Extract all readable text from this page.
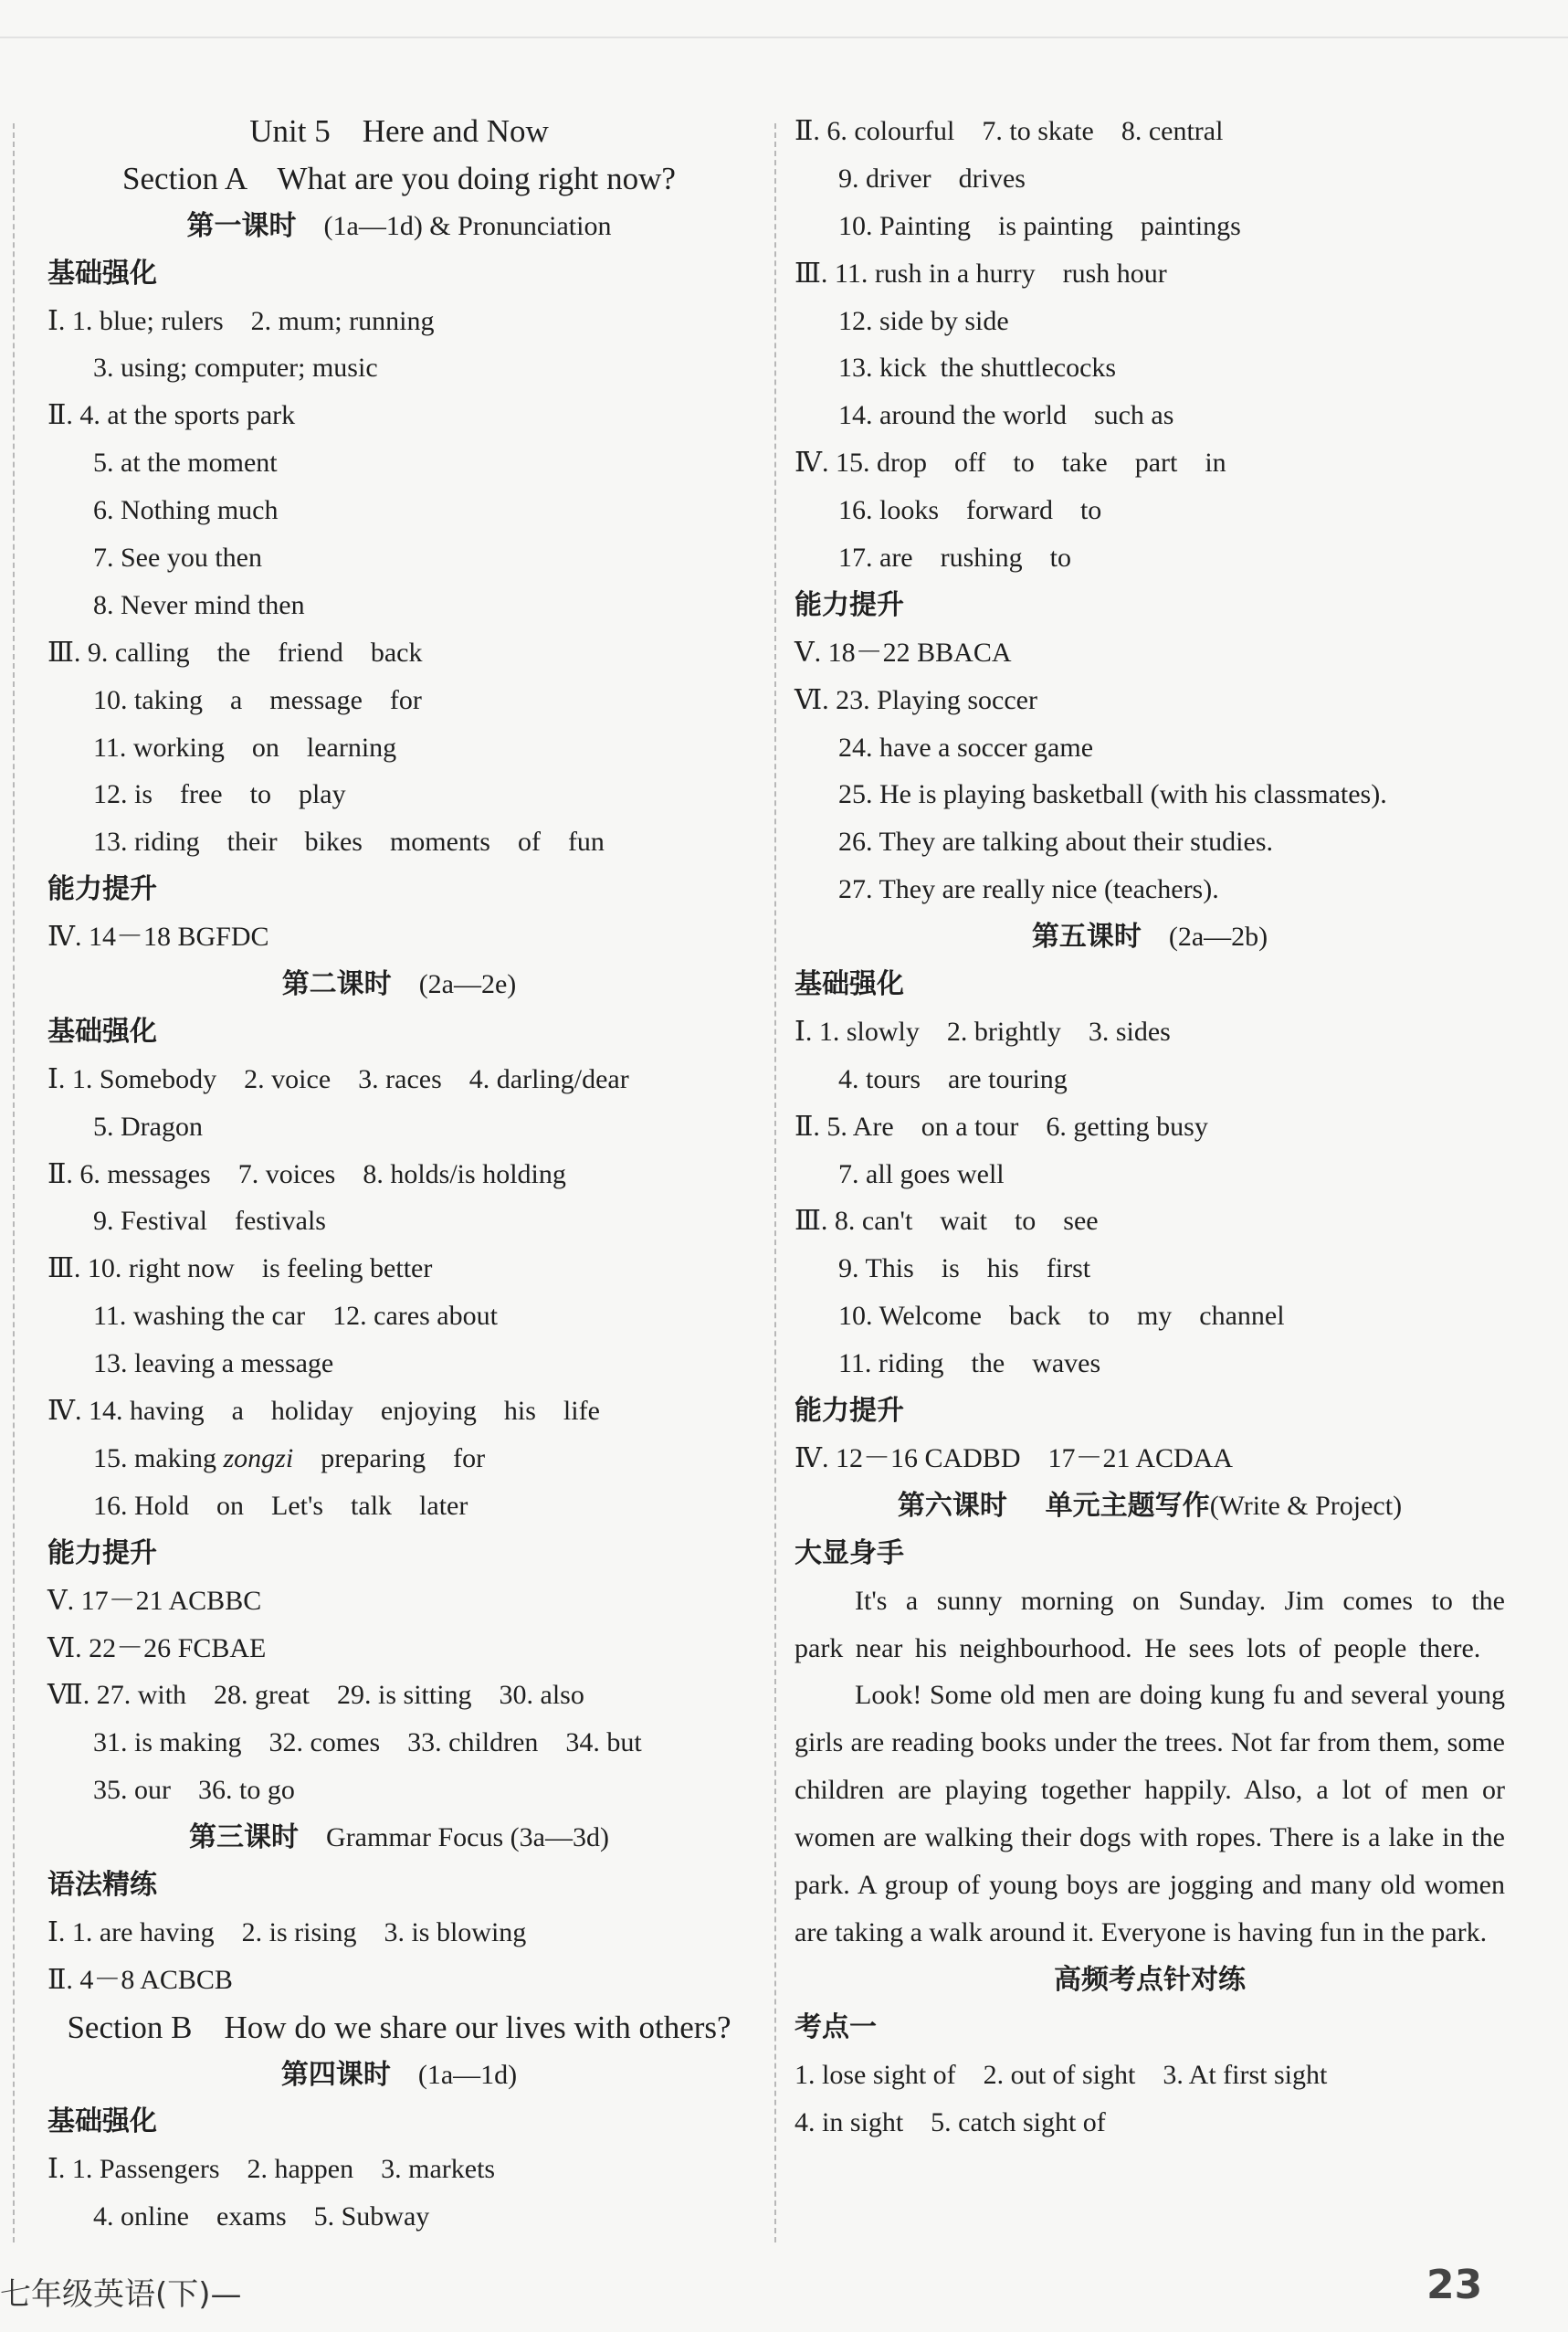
Unit 5    Here and Now
Section A    What are you doing right now?
第一课时　 (1a—1d) & Pronunciation
基础强化
Ⅰ. 1. blue; rulers    2. mum; running
3. using; computer; music
Ⅱ. 4. at the sports park
5. at the moment
6. Nothing much
7. See you then
8. Never mind then
Ⅲ. 9. calling    the    friend    back
10. taking    a    message    for
11. working    on    learning
12. is    free    to    play
13. riding    their    bikes    moments    of    fun
能力提升
Ⅳ. 14－18 BGFDC
第二课时　 (2a—2e)
基础强化
Ⅰ. 1. Somebody    2. voice    3. races    4. darling/dear
5. Dragon
Ⅱ. 6. messages    7. voices    8. holds/is holding
9. Festival    festivals
Ⅲ. 10. right now    is feeling better
11. washing the car    12. cares about
13. leaving a message
Ⅳ. 14. having    a    holiday    enjoying    his    life
15. making zongzi    preparing    for
16. Hold    on    Let's    talk    later
能力提升
Ⅴ. 17－21 ACBBC
Ⅵ. 22－26 FCBAE
Ⅶ. 27. with    28. great    29. is sitting    30. also
31. is making    32. comes    33. children    34. but
35. our    36. to go
第三课时　 Grammar Focus (3a—3d)
语法精练
Ⅰ. 1. are having    2. is rising    3. is blowing
Ⅱ. 4－8 ACBCB
Section B    How do we share our lives with others?
第四课时　 (1a—1d)
基础强化
Ⅰ. 1. Passengers    2. happen    3. markets
4. online    exams    5. Subway
Ⅱ. 6. colourful    7. to skate    8. central
9. driver    drives
10. Painting    is painting    paintings
Ⅲ. 11. rush in a hurry    rush hour
12. side by side
13. kick  the shuttlecocks
14. around the world    such as
Ⅳ. 15. drop    off    to    take    part    in
16. looks    forward    to
17. are    rushing    to
能力提升
Ⅴ. 18－22 BBACA
Ⅵ. 23. Playing soccer
24. have a soccer game
25. He is playing basketball (with his classmates).
26. They are talking about their studies.
27. They are really nice (teachers).
第五课时　 (2a—2b)
基础强化
Ⅰ. 1. slowly    2. brightly    3. sides
4. tours    are touring
Ⅱ. 5. Are    on a tour    6. getting busy
7. all goes well
Ⅲ. 8. can't    wait    to    see
9. This    is    his    first
10. Welcome    back    to    my    channel
11. riding    the    waves
能力提升
Ⅳ. 12－16 CADBD    17－21 ACDAA
第六课时    单元主题写作(Write & Project)
大显身手
It's a sunny morning on Sunday. Jim comes to the park near his neighbourhood. He sees lots of people there.
Look! Some old men are doing kung fu and several young girls are reading books under the trees. Not far from them, some children are playing together happily. Also, a lot of men or women are walking their dogs with ropes. There is a lake in the park. A group of young boys are jogging and many old women are taking a walk around it. Everyone is having fun in the park.
高频考点针对练
考点一
1. lose sight of    2. out of sight    3. At first sight
4. in sight    5. catch sight of
七年级英语(下)—	23
